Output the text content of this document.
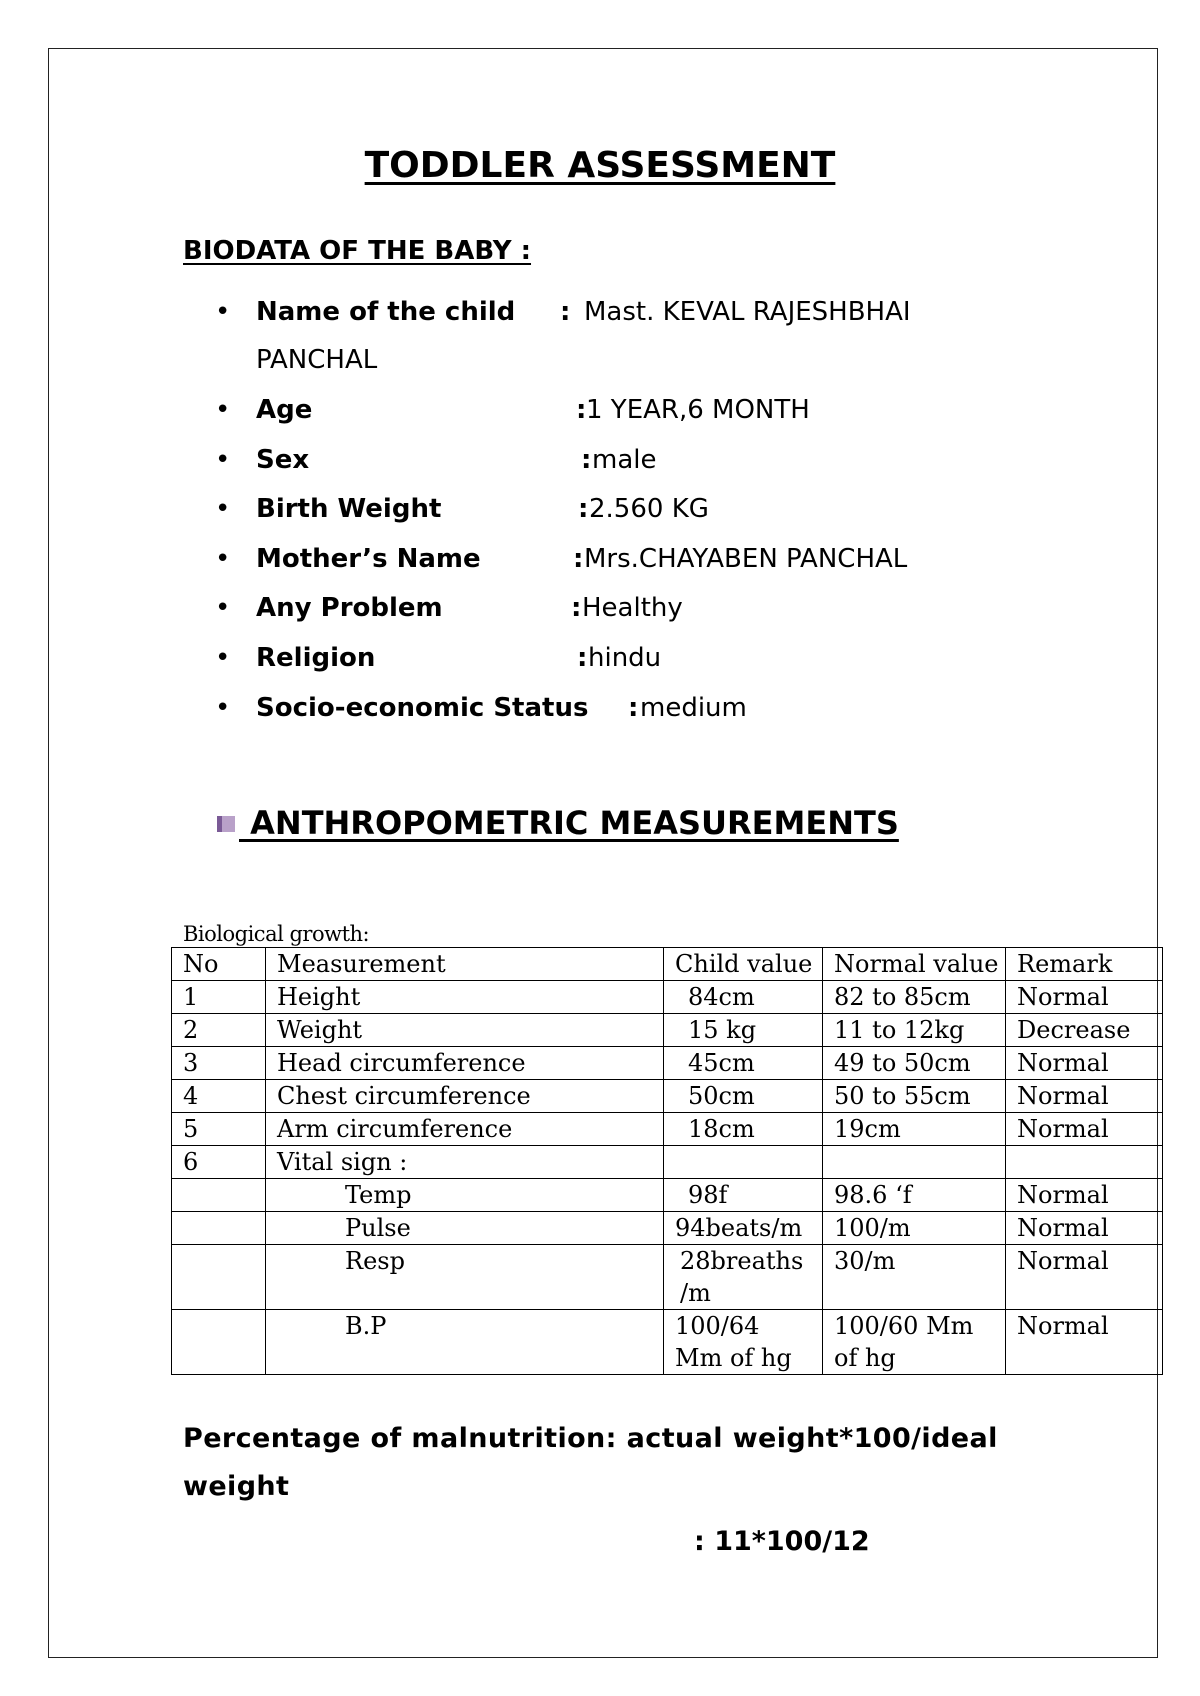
TODDLER ASSESSMENT
BIODATA OF THE BABY :
• Name of the child : Mast. KEVAL RAJESHBHAI
PANCHAL
• Age	: 1 YEAR,6 MONTH
• Sex	: male
• Birth Weight	: 2.560 KG
• Mother’s Name	: Mrs.CHAYABEN PANCHAL
• Any Problem	: Healthy
• Religion	: hindu
• Socio-economic Status : medium
ANTHROPOMETRIC MEASUREMENTS
Biological growth:
No	Measurement	Child value	Normal value	Remark
1	Height	84cm	82 to 85cm	Normal
2	Weight	15 kg	11 to 12kg	Decrease
3	Head circumference	45cm	49 to 50cm	Normal
4	Chest circumference	50cm	50 to 55cm	Normal
5	Arm circumference	18cm	19cm	Normal
6	Vital sign :			
	Temp	98f	98.6 ‘f	Normal
	Pulse	94beats/m	100/m	Normal
	Resp	28breaths /m	30/m	Normal
	B.P	100/64 Mm of hg	100/60 Mm of hg	Normal
Percentage of malnutrition: actual weight*100/ideal weight
: 11*100/12
